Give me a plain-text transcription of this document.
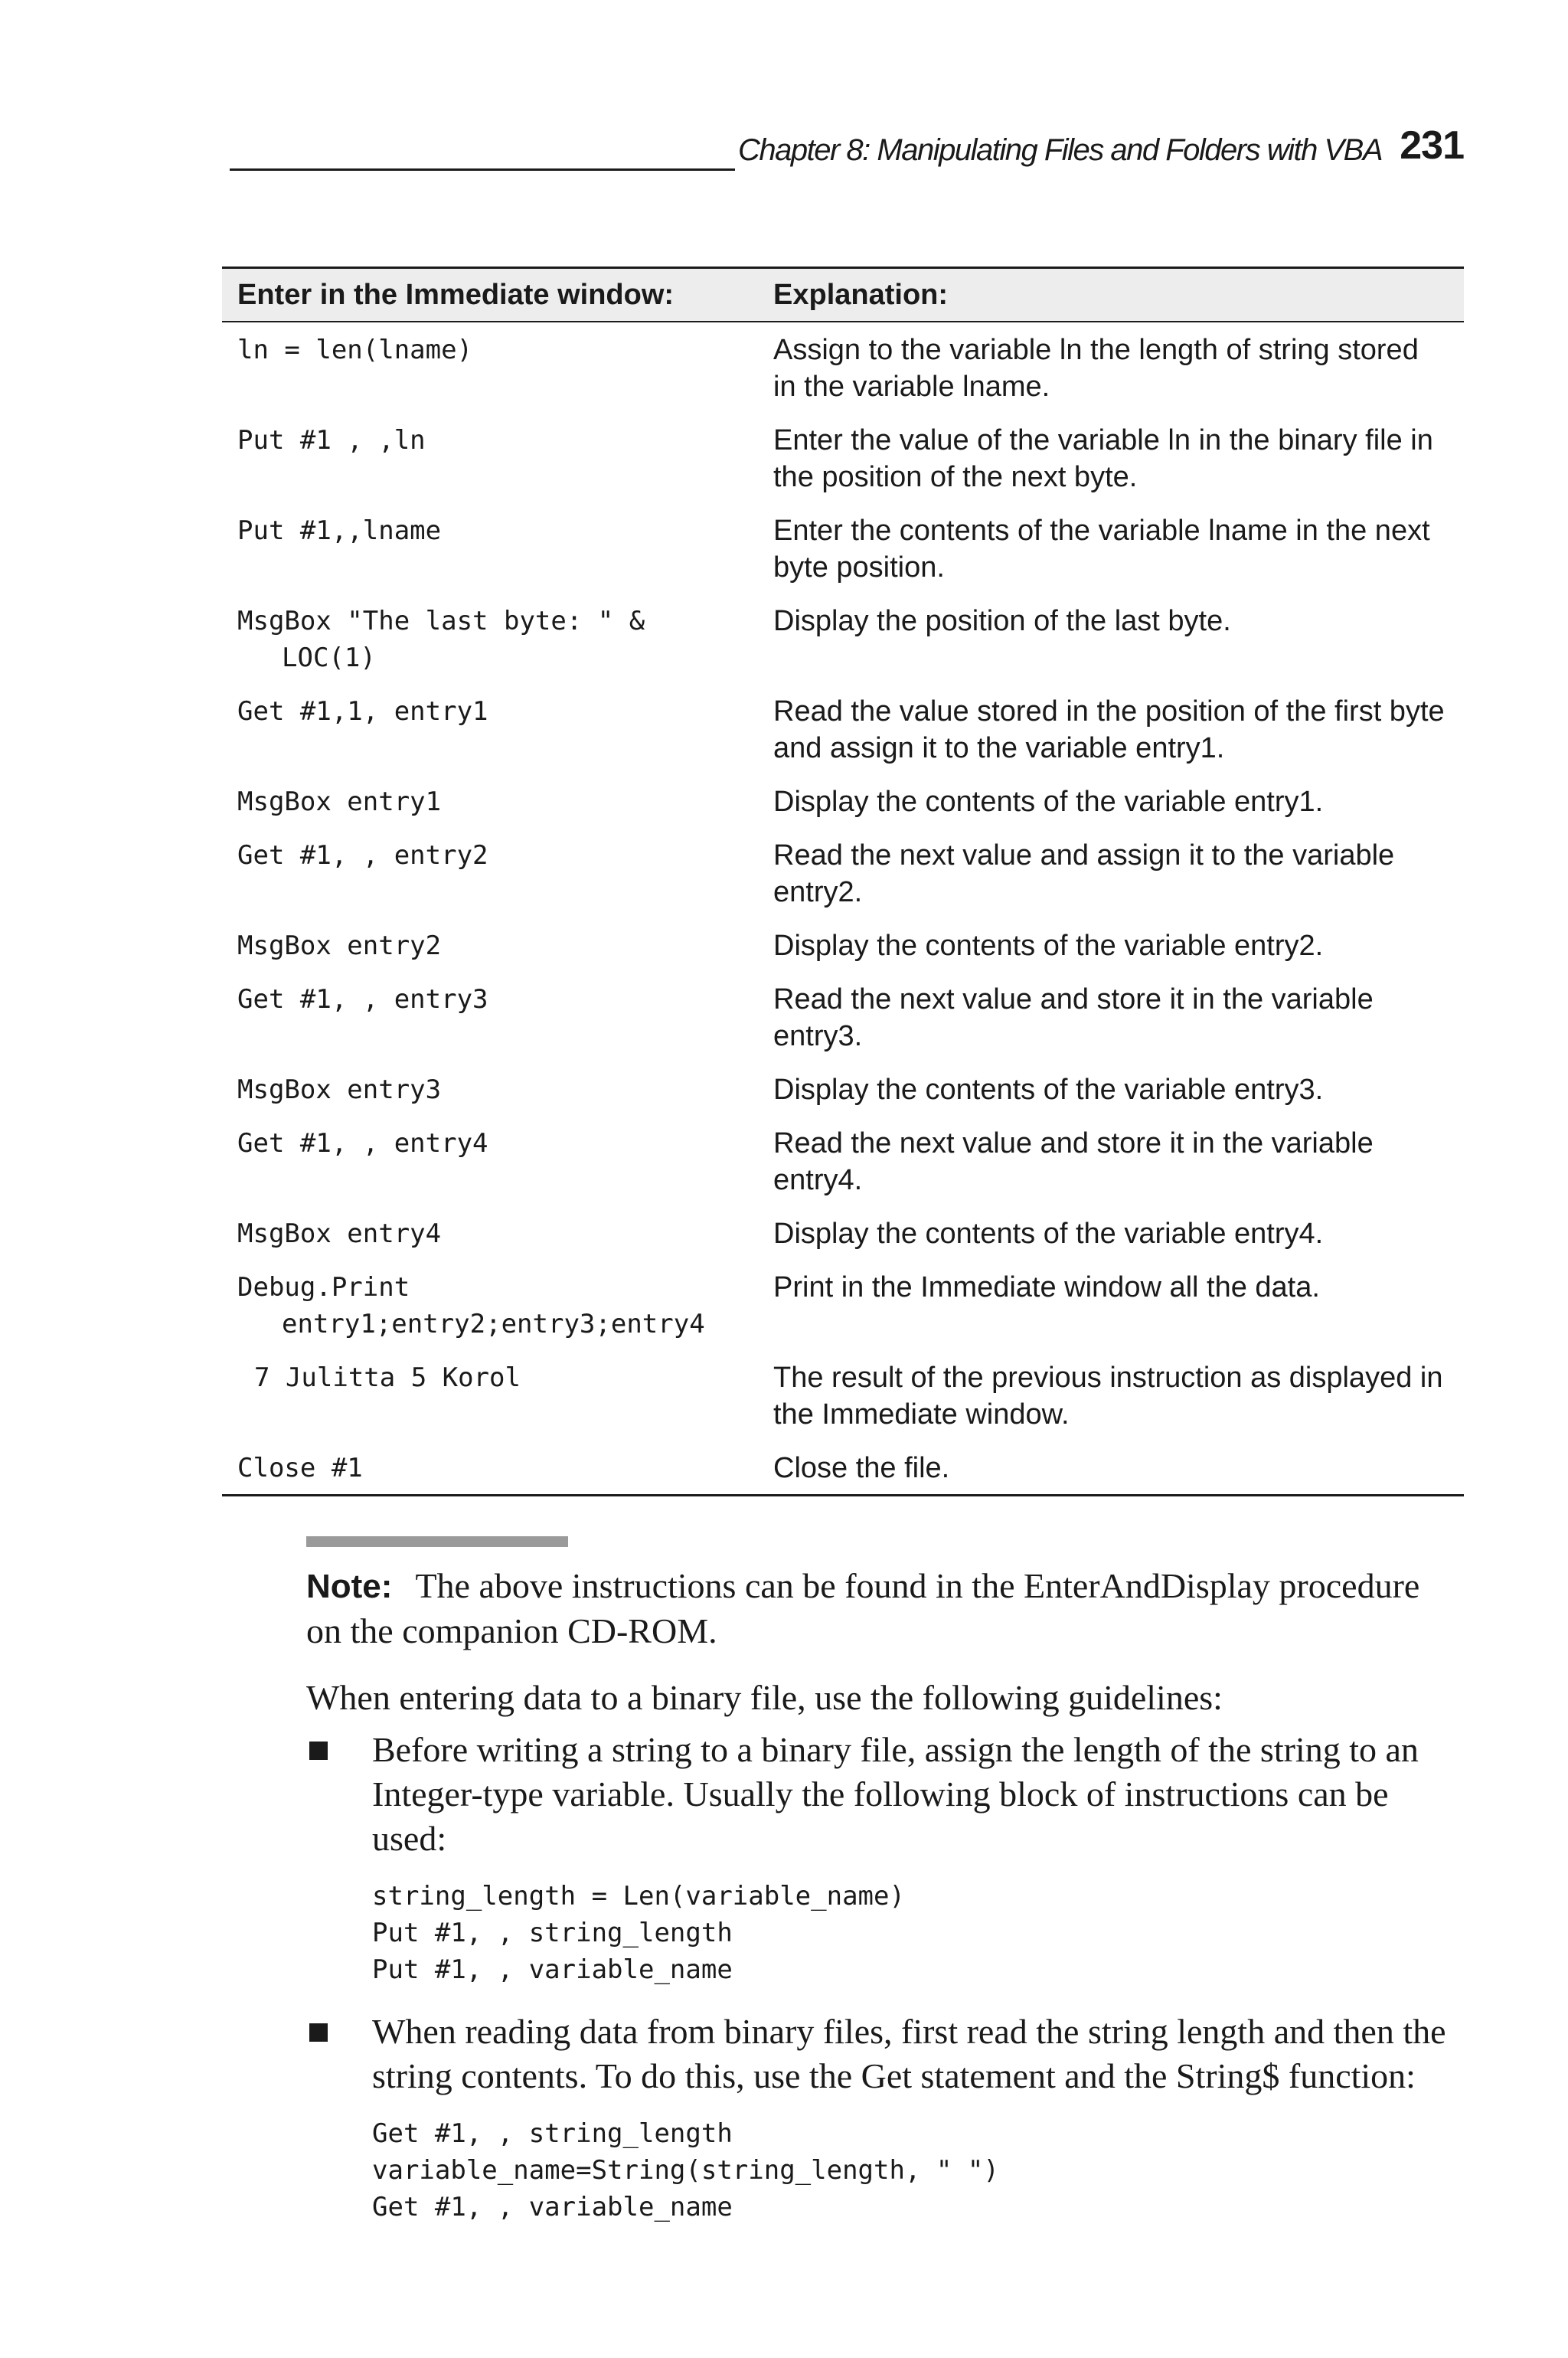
Chapter 8: Manipulating Files and Folders with VBA 231
Enter in the Immediate window:	Explanation:

ln = len(lname)	Assign to the variable ln the length of string stored in the variable lname.

Put #1 , ,ln	Enter the value of the variable ln in the binary file in the position of the next byte.

Put #1,,lname	Enter the contents of the variable lname in the next byte position.

MsgBox "The last byte: " &
LOC(1)	Display the position of the last byte.

Get #1,1, entry1	Read the value stored in the position of the first byte and assign it to the variable entry1.

MsgBox entry1	Display the contents of the variable entry1.

Get #1, , entry2	Read the next value and assign it to the variable entry2.

MsgBox entry2	Display the contents of the variable entry2.

Get #1, , entry3	Read the next value and store it in the variable entry3.

MsgBox entry3	Display the contents of the variable entry3.

Get #1, , entry4	Read the next value and store it in the variable entry4.

MsgBox entry4	Display the contents of the variable entry4.

Debug.Print
entry1;entry2;entry3;entry4	Print in the Immediate window all the data.

7 Julitta 5 Korol	The result of the previous instruction as displayed in the Immediate window.

Close #1	Close the file.
Note: The above instructions can be found in the EnterAndDisplay procedure on the companion CD-ROM.

When entering data to a binary file, use the following guidelines:

Before writing a string to a binary file, assign the length of the string to an Integer-type variable. Usually the following block of instructions can be used:
string_length = Len(variable_name)
Put #1, , string_length
Put #1, , variable_name
When reading data from binary files, first read the string length and then the string contents. To do this, use the Get statement and the String$ function:
Get #1, , string_length
variable_name=String(string_length, " ")
Get #1, , variable_name
